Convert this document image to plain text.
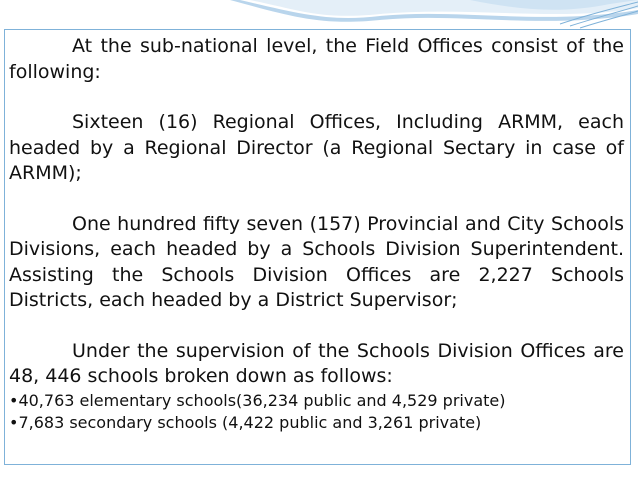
At the sub-national level, the Field Offices consist of the following:

Sixteen (16) Regional Offices, Including ARMM, each headed by a Regional Director (a Regional Sectary in case of ARMM);

One hundred fifty seven (157) Provincial and City Schools Divisions, each headed by a Schools Division Superintendent. Assisting the Schools Division Offices are 2,227 Schools Districts, each headed by a District Supervisor;

Under the supervision of the Schools Division Offices are 48, 446 schools broken down as follows:

•40,763 elementary schools(36,234 public and 4,529 private)

•7,683 secondary schools (4,422 public and 3,261 private)
